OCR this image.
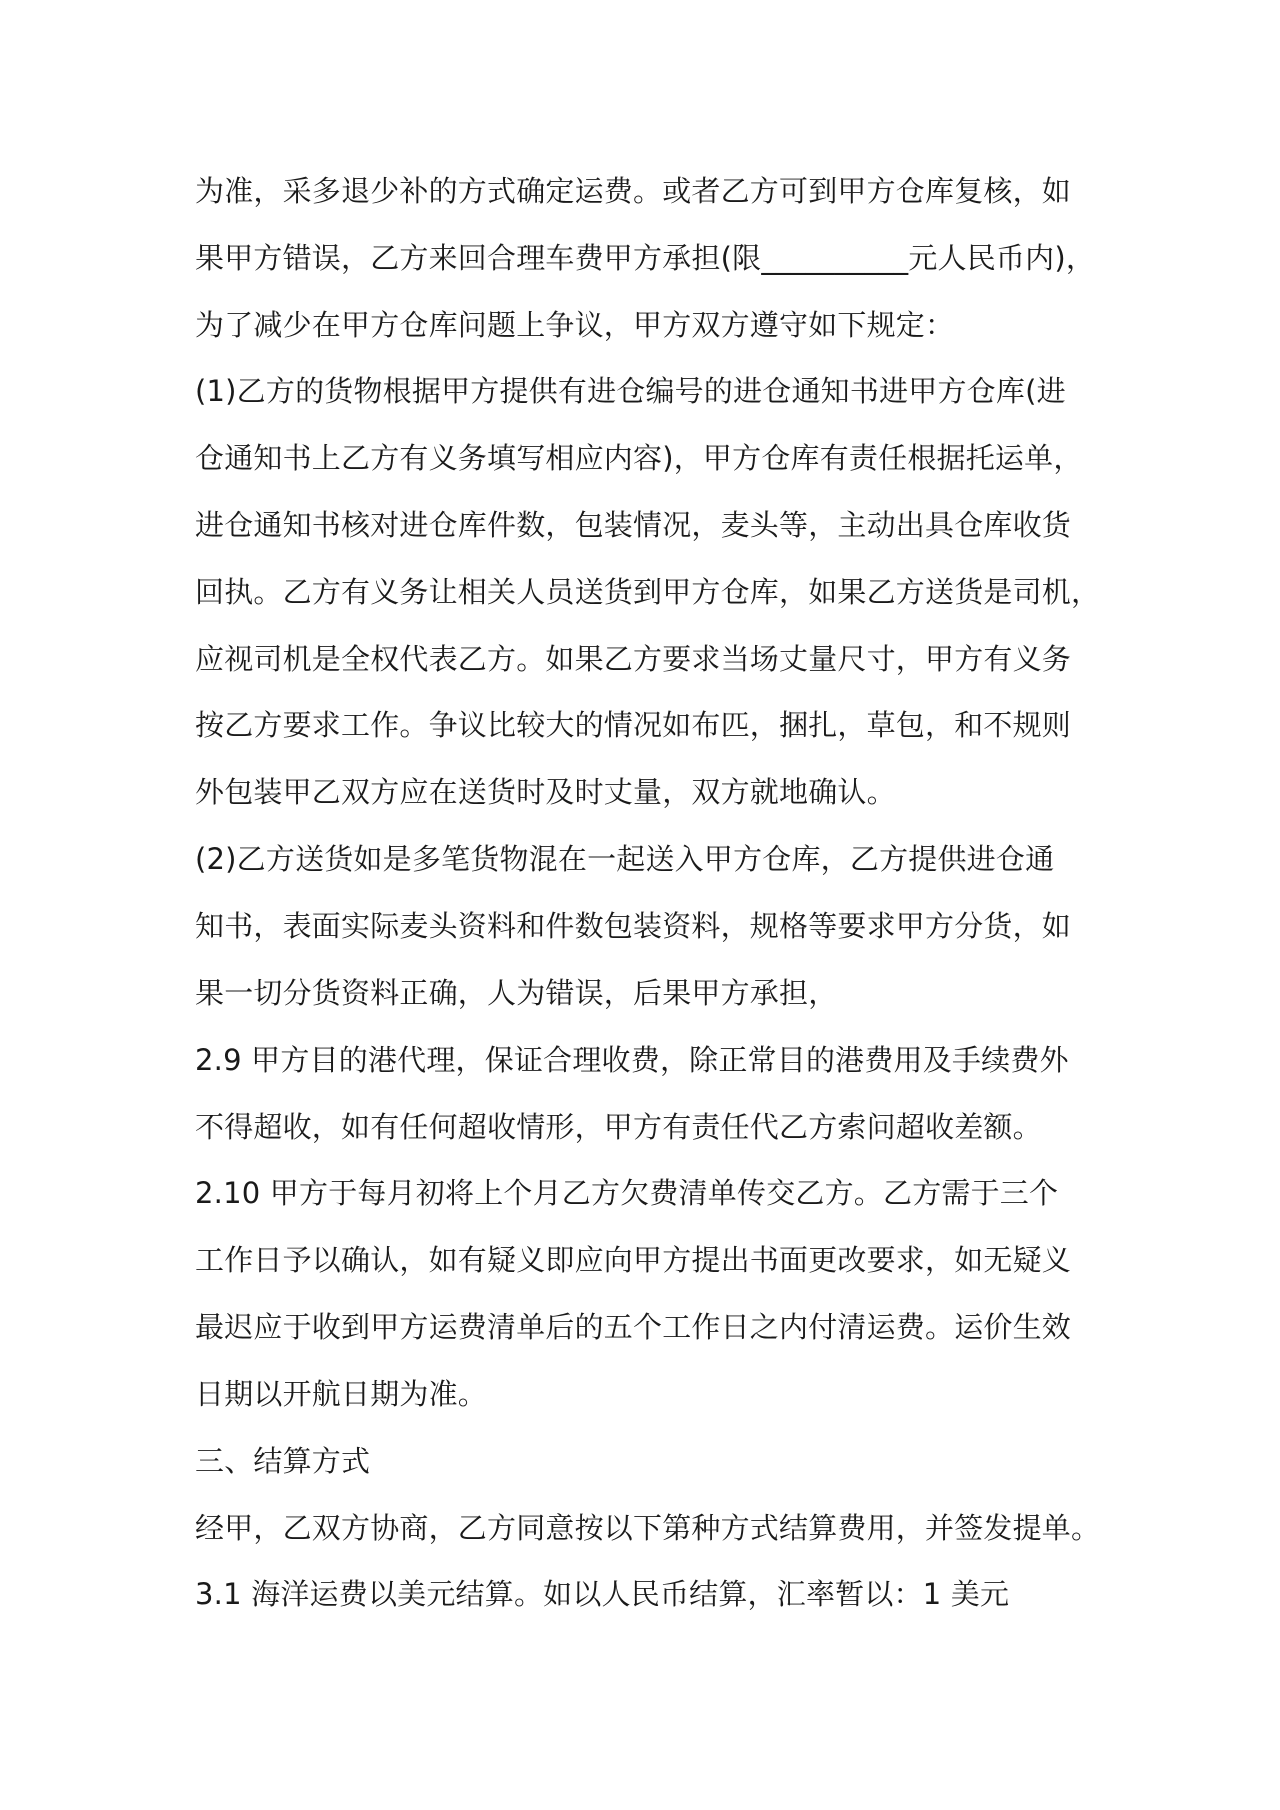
为准，采多退少补的方式确定运费。或者乙方可到甲方仓库复核，如
果甲方错误，乙方来回合理车费甲方承担(限__________元人民币内)，
为了减少在甲方仓库问题上争议，甲方双方遵守如下规定：
(1)乙方的货物根据甲方提供有进仓编号的进仓通知书进甲方仓库(进
仓通知书上乙方有义务填写相应内容)，甲方仓库有责任根据托运单，
进仓通知书核对进仓库件数，包装情况，麦头等，主动出具仓库收货
回执。乙方有义务让相关人员送货到甲方仓库，如果乙方送货是司机，
应视司机是全权代表乙方。如果乙方要求当场丈量尺寸，甲方有义务
按乙方要求工作。争议比较大的情况如布匹，捆扎，草包，和不规则
外包装甲乙双方应在送货时及时丈量，双方就地确认。
(2)乙方送货如是多笔货物混在一起送入甲方仓库，乙方提供进仓通
知书，表面实际麦头资料和件数包装资料，规格等要求甲方分货，如
果一切分货资料正确，人为错误，后果甲方承担，
2.9 甲方目的港代理，保证合理收费，除正常目的港费用及手续费外
不得超收，如有任何超收情形，甲方有责任代乙方索问超收差额。
2.10 甲方于每月初将上个月乙方欠费清单传交乙方。乙方需于三个
工作日予以确认，如有疑义即应向甲方提出书面更改要求，如无疑义
最迟应于收到甲方运费清单后的五个工作日之内付清运费。运价生效
日期以开航日期为准。
三、结算方式
经甲，乙双方协商，乙方同意按以下第种方式结算费用，并签发提单。
3.1 海洋运费以美元结算。如以人民币结算，汇率暂以：1 美元
